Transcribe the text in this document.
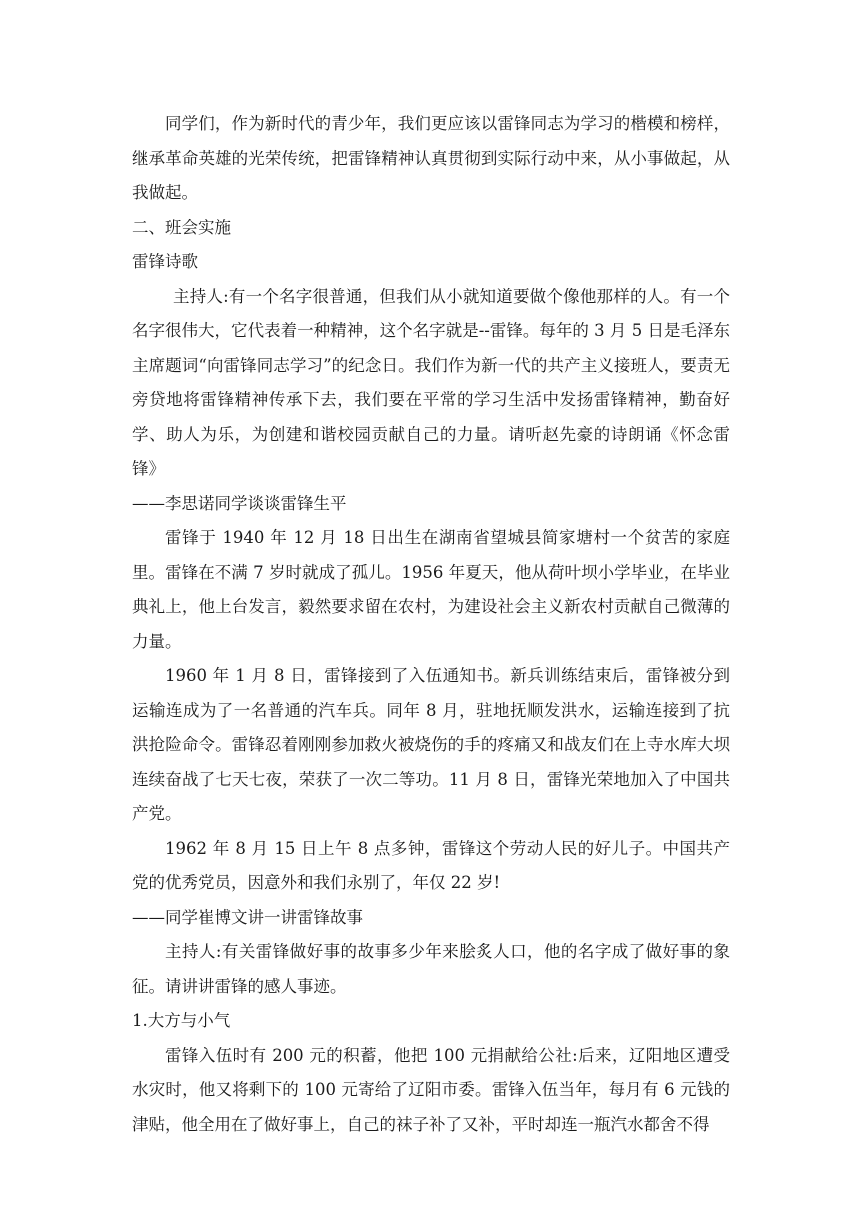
同学们，作为新时代的青少年，我们更应该以雷锋同志为学习的楷模和榜样，继承革命英雄的光荣传统，把雷锋精神认真贯彻到实际行动中来，从小事做起，从我做起。

二、班会实施

雷锋诗歌

主持人:有一个名字很普通，但我们从小就知道要做个像他那样的人。有一个名字很伟大，它代表着一种精神，这个名字就是--雷锋。每年的 3 月 5 日是毛泽东主席题词“向雷锋同志学习”的纪念日。我们作为新一代的共产主义接班人，要责无旁贷地将雷锋精神传承下去，我们要在平常的学习生活中发扬雷锋精神，勤奋好学、助人为乐，为创建和谐校园贡献自己的力量。请听赵先豪的诗朗诵《怀念雷锋》

——李思诺同学谈谈雷锋生平

雷锋于 1940 年 12 月 18 日出生在湖南省望城县简家塘村一个贫苦的家庭里。雷锋在不满 7 岁时就成了孤儿。1956 年夏天，他从荷叶坝小学毕业，在毕业典礼上，他上台发言，毅然要求留在农村，为建设社会主义新农村贡献自己微薄的力量。

1960 年 1 月 8 日，雷锋接到了入伍通知书。新兵训练结束后，雷锋被分到运输连成为了一名普通的汽车兵。同年 8 月，驻地抚顺发洪水，运输连接到了抗洪抢险命令。雷锋忍着刚刚参加救火被烧伤的手的疼痛又和战友们在上寺水库大坝连续奋战了七天七夜，荣获了一次二等功。11 月 8 日，雷锋光荣地加入了中国共产党。

1962 年 8 月 15 日上午 8 点多钟，雷锋这个劳动人民的好儿子。中国共产党的优秀党员，因意外和我们永别了，年仅 22 岁!

——同学崔博文讲一讲雷锋故事

主持人:有关雷锋做好事的故事多少年来脍炙人口，他的名字成了做好事的象征。请讲讲雷锋的感人事迹。

1.大方与小气

雷锋入伍时有 200 元的积蓄，他把 100 元捐献给公社:后来，辽阳地区遭受水灾时，他又将剩下的 100 元寄给了辽阳市委。雷锋入伍当年，每月有 6 元钱的津贴，他全用在了做好事上，自己的袜子补了又补，平时却连一瓶汽水都舍不得
